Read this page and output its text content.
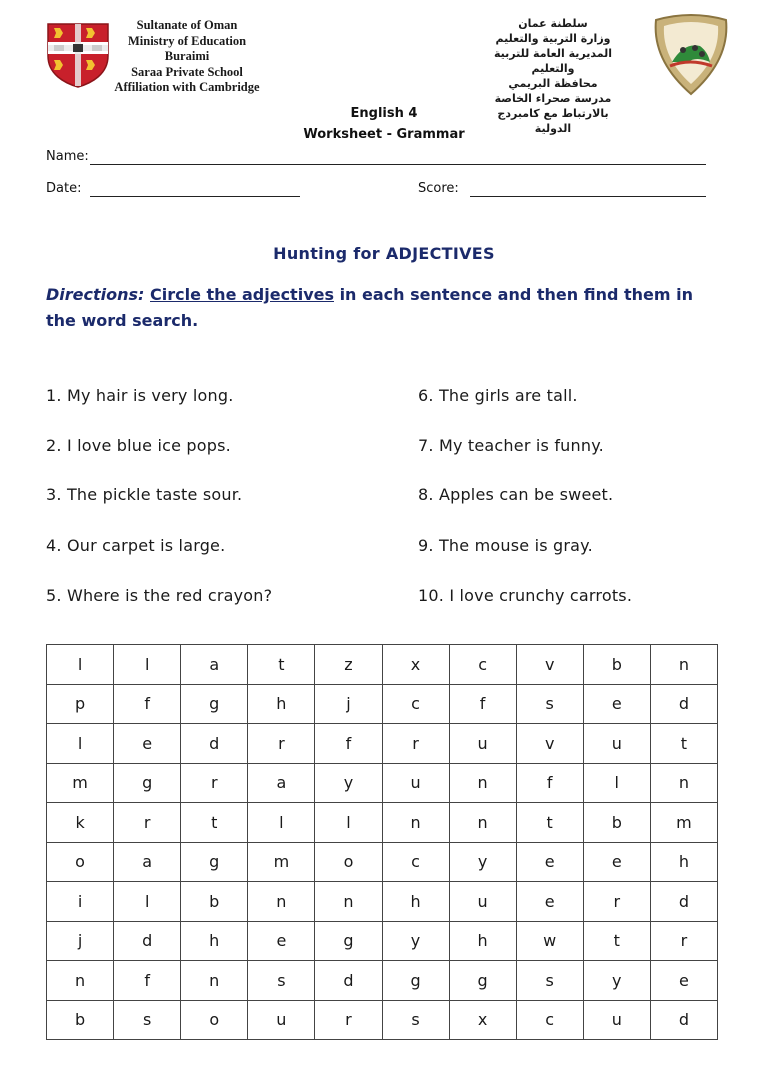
Sultanate of Oman
Ministry of Education
Buraimi
Saraa Private School
Affiliation with Cambridge
سلطنة عمان
وزارة التربية والتعليم
المديرية العامة للتربية والتعليم
محافظة البريمي
مدرسة صحراء الخاصة
بالارتباط مع كامبردج الدولية
English 4
Worksheet - Grammar
Name:
Date:	Score:
Hunting for ADJECTIVES
Directions: Circle the adjectives in each sentence and then find them in the word search.
1. My hair is very long.
2. I love blue ice pops.
3. The pickle taste sour.
4. Our carpet is large.
5. Where is the red crayon?
6. The girls are tall.
7. My teacher is funny.
8. Apples can be sweet.
9. The mouse is gray.
10. I love crunchy carrots.
l	l	a	t	z	x	c	v	b	n
p	f	g	h	j	c	f	s	e	d
l	e	d	r	f	r	u	v	u	t
m	g	r	a	y	u	n	f	l	n
k	r	t	l	l	n	n	t	b	m
o	a	g	m	o	c	y	e	e	h
i	l	b	n	n	h	u	e	r	d
j	d	h	e	g	y	h	w	t	r
n	f	n	s	d	g	g	s	y	e
b	s	o	u	r	s	x	c	u	d
